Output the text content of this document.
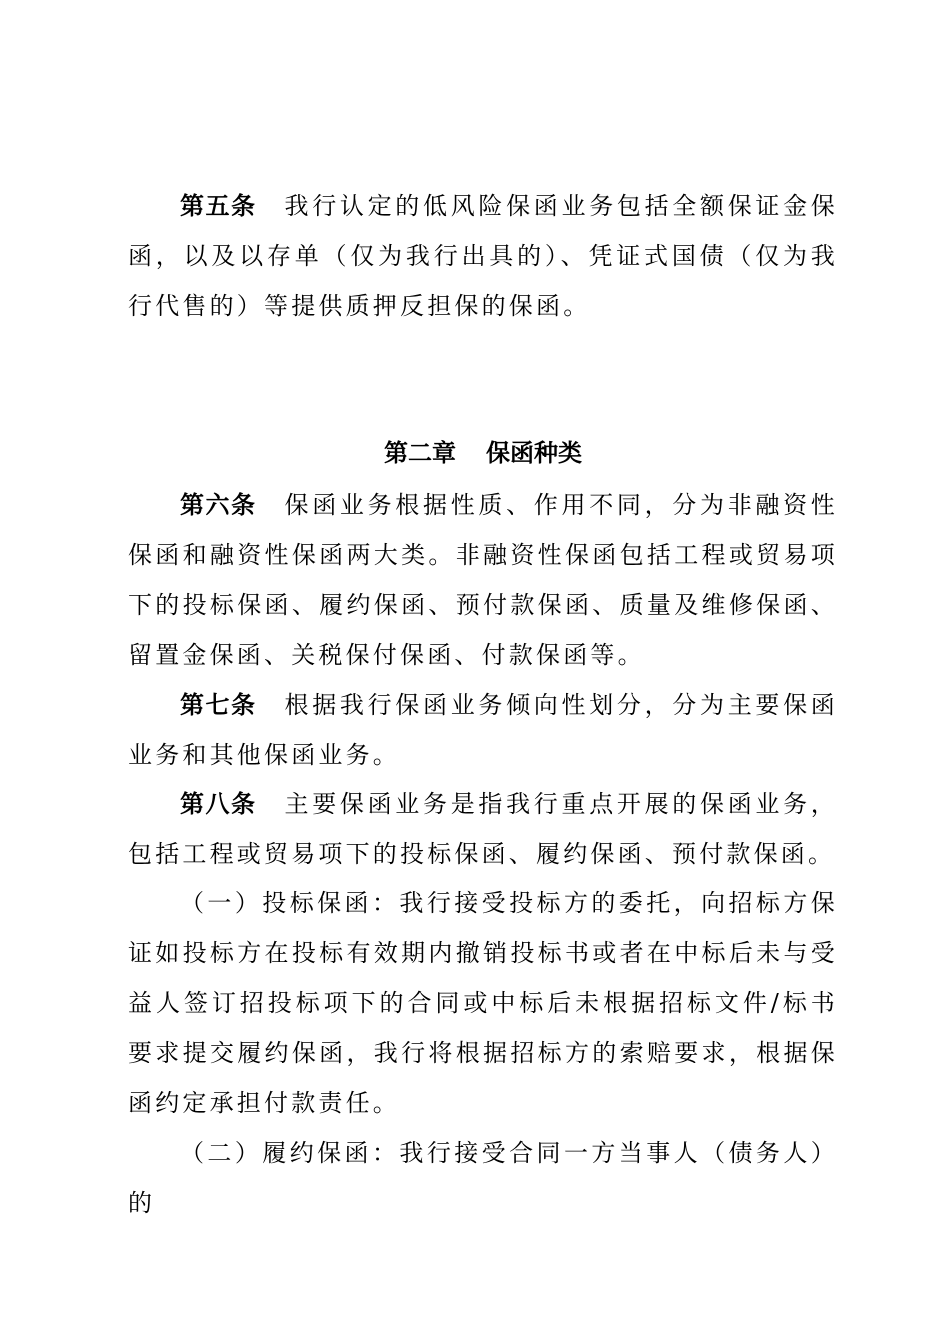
第五条 我行认定的低风险保函业务包括全额保证金保函，以及以存单（仅为我行出具的）、凭证式国债（仅为我行代售的）等提供质押反担保的保函。

第二章 保函种类

第六条 保函业务根据性质、作用不同，分为非融资性保函和融资性保函两大类。非融资性保函包括工程或贸易项下的投标保函、履约保函、预付款保函、质量及维修保函、留置金保函、关税保付保函、付款保函等。

第七条 根据我行保函业务倾向性划分，分为主要保函业务和其他保函业务。

第八条 主要保函业务是指我行重点开展的保函业务，包括工程或贸易项下的投标保函、履约保函、预付款保函。

（一）投标保函：我行接受投标方的委托，向招标方保证如投标方在投标有效期内撤销投标书或者在中标后未与受益人签订招投标项下的合同或中标后未根据招标文件/标书要求提交履约保函，我行将根据招标方的索赔要求，根据保函约定承担付款责任。

（二）履约保函：我行接受合同一方当事人（债务人）的
